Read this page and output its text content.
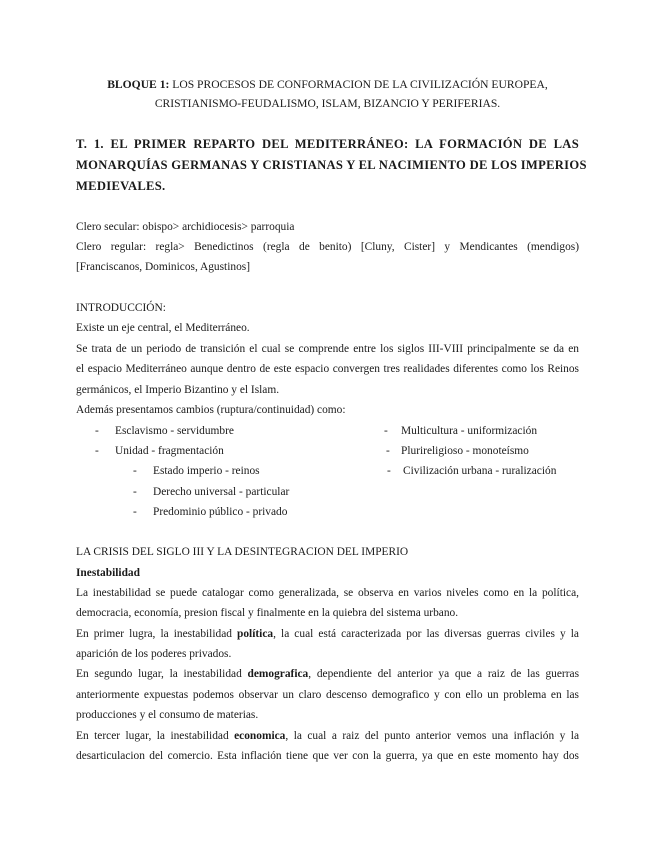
BLOQUE 1: LOS PROCESOS DE CONFORMACION DE LA CIVILIZACIÓN EUROPEA,
CRISTIANISMO-FEUDALISMO, ISLAM, BIZANCIO Y PERIFERIAS.
T. 1. EL PRIMER REPARTO DEL MEDITERRÁNEO: LA FORMACIÓN DE LAS
MONARQUÍAS GERMANAS Y CRISTIANAS Y EL NACIMIENTO DE LOS IMPERIOS
MEDIEVALES.
Clero secular: obispo> archidiocesis> parroquia
Clero regular: regla> Benedictinos (regla de benito) [Cluny, Cister] y Mendicantes (mendigos)
[Franciscanos, Dominicos, Agustinos]
INTRODUCCIÓN:
Existe un eje central, el Mediterráneo.
Se trata de un periodo de transición el cual se comprende entre los siglos III-VIII principalmente se da en
el espacio Mediterráneo aunque dentro de este espacio convergen tres realidades diferentes como los Reinos
germánicos, el Imperio Bizantino y el Islam.
Además presentamos cambios (ruptura/continuidad) como:
- Esclavismo - servidumbre
- Unidad - fragmentación
- Estado imperio - reinos
- Derecho universal - particular
- Predominio público - privado
- Multicultura - uniformización
- Plurireligioso - monoteísmo
- Civilización urbana - ruralización
LA CRISIS DEL SIGLO III Y LA DESINTEGRACION DEL IMPERIO
Inestabilidad
La inestabilidad se puede catalogar como generalizada, se observa en varios niveles como en la política,
democracia, economía, presion fiscal y finalmente en la quiebra del sistema urbano.
En primer lugra, la inestabilidad política, la cual está caracterizada por las diversas guerras civiles y la
aparición de los poderes privados.
En segundo lugar, la inestabilidad demografica, dependiente del anterior ya que a raiz de las guerras
anteriormente expuestas podemos observar un claro descenso demografico y con ello un problema en las
producciones y el consumo de materias.
En tercer lugar, la inestabilidad economica, la cual a raiz del punto anterior vemos una inflación y la
desarticulacion del comercio. Esta inflación tiene que ver con la guerra, ya que en este momento hay dos
